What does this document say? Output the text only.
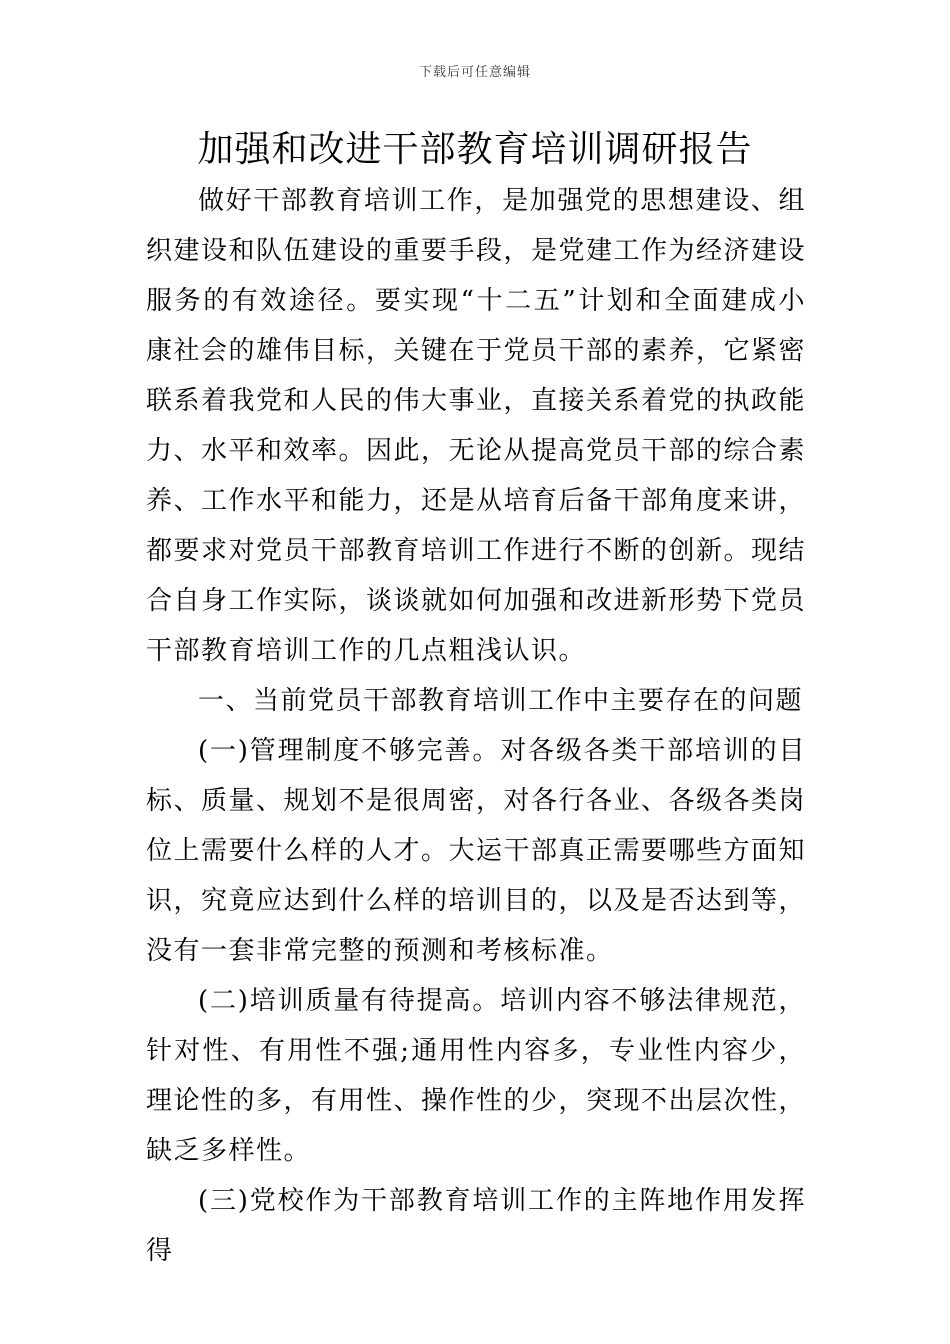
下载后可任意编辑
加强和改进干部教育培训调研报告

做好干部教育培训工作，是加强党的思想建设、组织建设和队伍建设的重要手段，是党建工作为经济建设服务的有效途径。要实现“十二五”计划和全面建成小康社会的雄伟目标，关键在于党员干部的素养，它紧密联系着我党和人民的伟大事业，直接关系着党的执政能力、水平和效率。因此，无论从提高党员干部的综合素养、工作水平和能力，还是从培育后备干部角度来讲，都要求对党员干部教育培训工作进行不断的创新。现结合自身工作实际，谈谈就如何加强和改进新形势下党员干部教育培训工作的几点粗浅认识。

一、当前党员干部教育培训工作中主要存在的问题

(一)管理制度不够完善。对各级各类干部培训的目标、质量、规划不是很周密，对各行各业、各级各类岗位上需要什么样的人才。大运干部真正需要哪些方面知识，究竟应达到什么样的培训目的，以及是否达到等，没有一套非常完整的预测和考核标准。

(二)培训质量有待提高。培训内容不够法律规范，针对性、有用性不强;通用性内容多，专业性内容少，理论性的多，有用性、操作性的少，突现不出层次性，缺乏多样性。

(三)党校作为干部教育培训工作的主阵地作用发挥得
